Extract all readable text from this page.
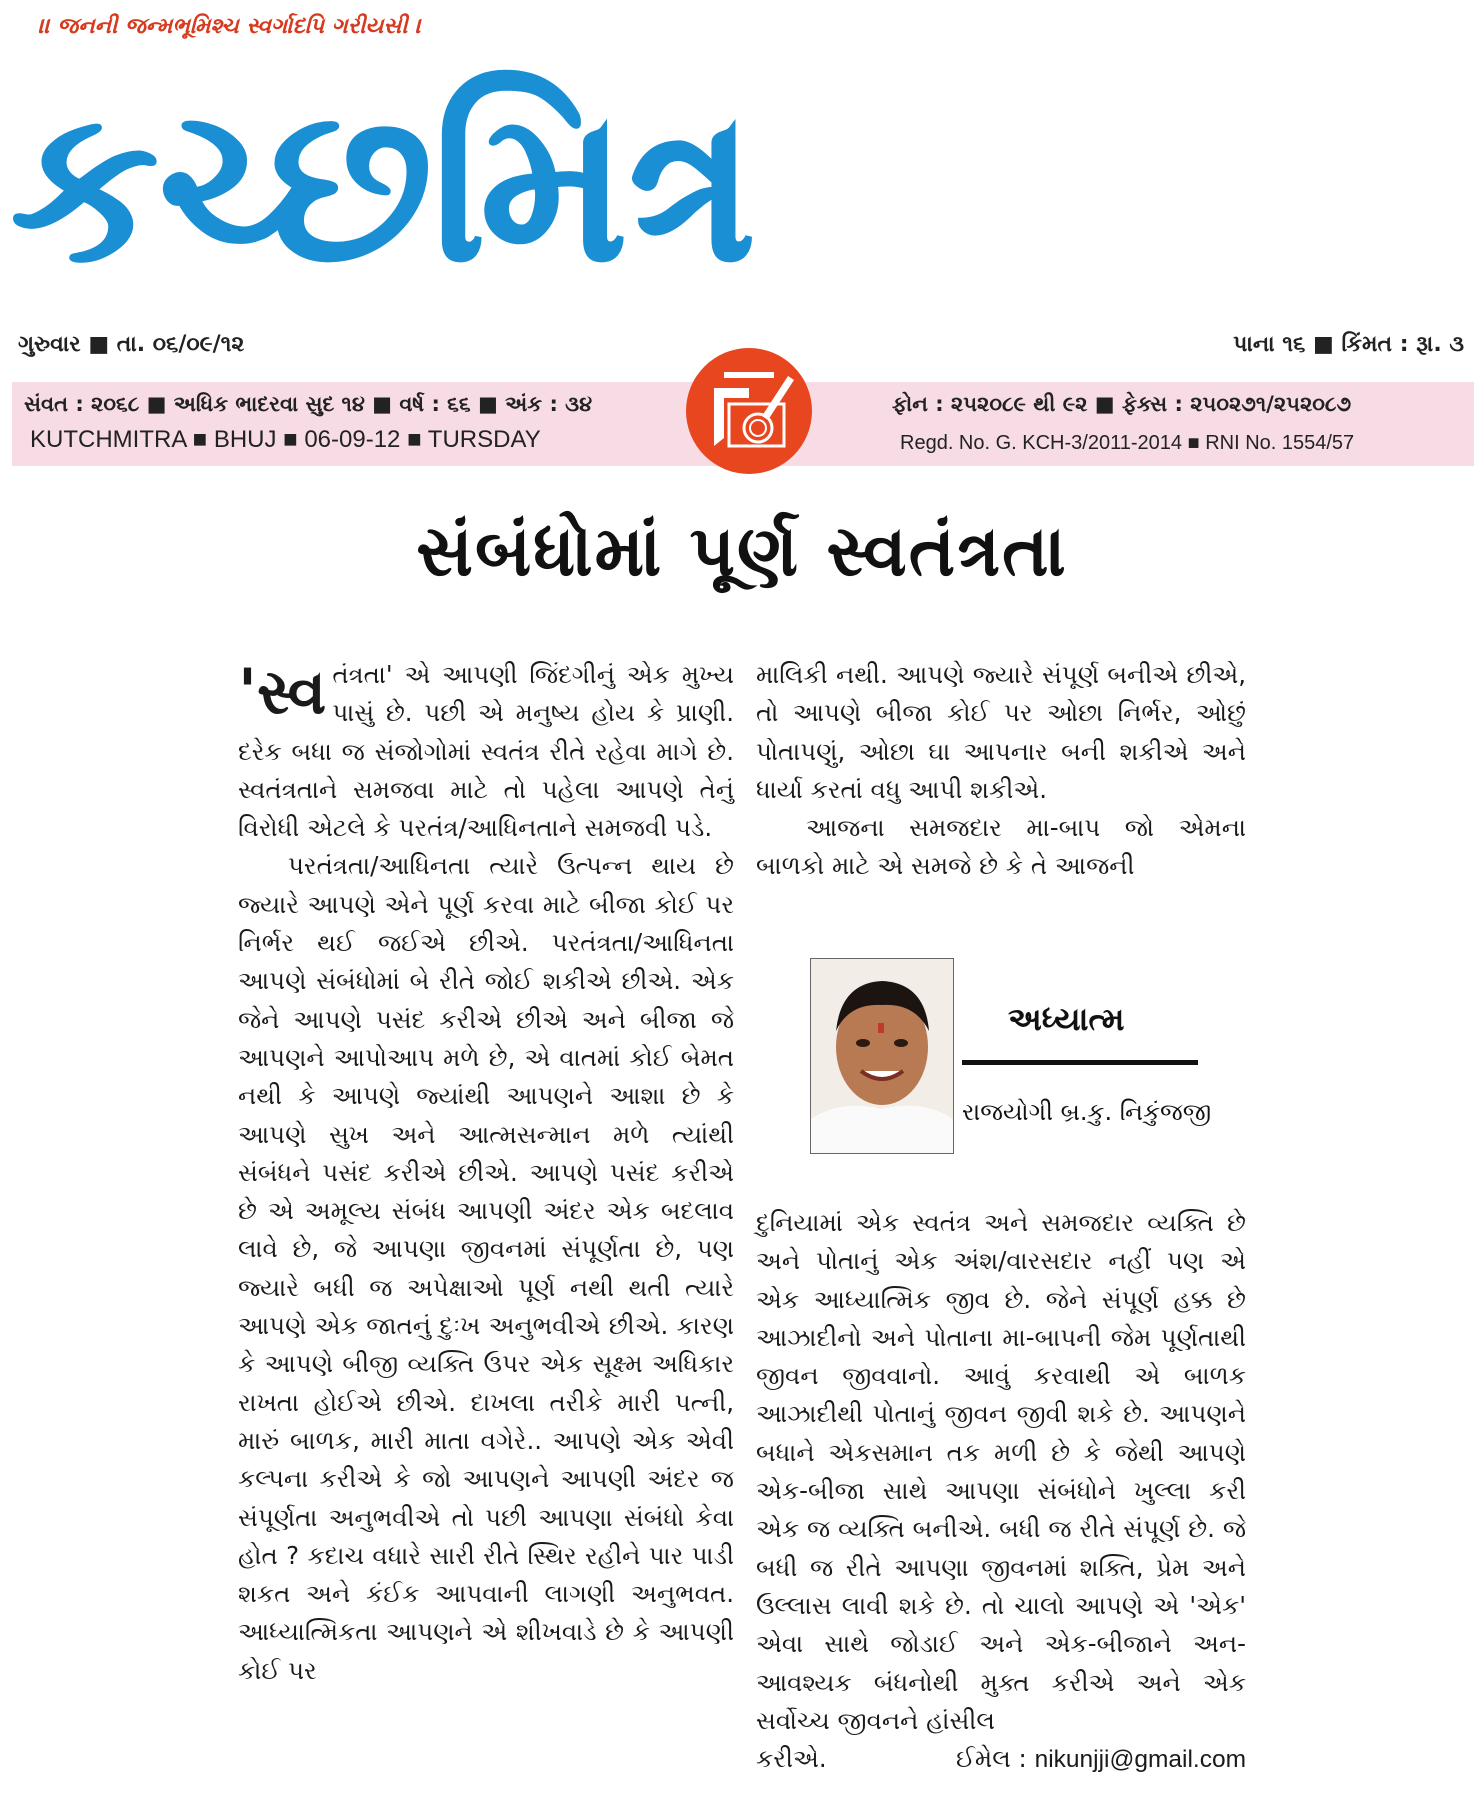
।। જનની જન્મભૂમિશ્ચ સ્વર્ગાદપિ ગરીયસી ।
કચ્છમિત્ર
ગુરુવાર ■ તા. ૦૬/૦૯/૧૨	પાના ૧૬ ■ કિંમત : રૂા. ૩
સંવત : ૨૦૬૮ ■ અધિક ભાદરવા સુદ ૧૪ ■ વર્ષ : ૬૬ ■ અંક : ૩૪
KUTCHMITRA ■ BHUJ ■ 06-09-12 ■ TURSDAY
ફોન : ૨૫૨૦૮૯ થી ૯૨ ■ ફેક્સ : ૨૫૦૨૭૧/૨૫૨૦૮૭
Regd. No. G. KCH-3/2011-2014 ■ RNI No. 1554/57
સંબંધોમાં પૂર્ણ સ્વતંત્રતા

'સ્વ તંત્રતા' એ આપણી જિંદગીનું એક મુખ્ય પાસું છે. પછી એ મનુષ્ય હોય કે પ્રાણી. દરેક બધા જ સંજોગોમાં સ્વતંત્ર રીતે રહેવા માગે છે. સ્વતંત્રતાને સમજવા માટે તો પહેલા આપણે તેનું વિરોધી એટલે કે પરતંત્ર/આધિનતાને સમજવી પડે.

પરતંત્રતા/આધિનતા ત્યારે ઉત્પન્ન થાય છે જ્યારે આપણે એને પૂર્ણ કરવા માટે બીજા કોઈ પર નિર્ભર થઈ જઈએ છીએ. પરતંત્રતા/આધિનતા આપણે સંબંધોમાં બે રીતે જોઈ શકીએ છીએ. એક જેને આપણે પસંદ કરીએ છીએ અને બીજા જે આપણને આપોઆપ મળે છે, એ વાતમાં કોઈ બેમત નથી કે આપણે જ્યાંથી આપણને આશા છે કે આપણે સુખ અને આત્મસન્માન મળે ત્યાંથી સંબંધને પસંદ કરીએ છીએ. આપણે પસંદ કરીએ છે એ અમૂલ્ય સંબંધ આપણી અંદર એક બદલાવ લાવે છે, જે આપણા જીવનમાં સંપૂર્ણતા છે, પણ જ્યારે બધી જ અપેક્ષાઓ પૂર્ણ નથી થતી ત્યારે આપણે એક જાતનું દુઃખ અનુભવીએ છીએ. કારણ કે આપણે બીજી વ્યક્તિ ઉપર એક સૂક્ષ્મ અધિકાર રાખતા હોઈએ છીએ. દાખલા તરીકે મારી પત્ની, મારું બાળક, મારી માતા વગેરે.. આપણે એક એવી કલ્પના કરીએ કે જો આપણને આપણી અંદર જ સંપૂર્ણતા અનુભવીએ તો પછી આપણા સંબંધો કેવા હોત ? કદાચ વધારે સારી રીતે સ્થિર રહીને પાર પાડી શકત અને કંઈક આપવાની લાગણી અનુભવત. આધ્યાત્મિકતા આપણને એ શીખવાડે છે કે આપણી કોઈ પર

માલિકી નથી. આપણે જ્યારે સંપૂર્ણ બનીએ છીએ, તો આપણે બીજા કોઈ પર ઓછા નિર્ભર, ઓછું પોતાપણું, ઓછા ઘા આપનાર બની શકીએ અને ધાર્યા કરતાં વધુ આપી શકીએ.

આજના સમજદાર મા-બાપ જો એમના બાળકો માટે એ સમજે છે કે તે આજની

અધ્યાત્મ
રાજયોગી બ્ર.કુ. નિકુંજજી

દુનિયામાં એક સ્વતંત્ર અને સમજદાર વ્યક્તિ છે અને પોતાનું એક અંશ/વારસદાર નહીં પણ એ એક આધ્યાત્મિક જીવ છે. જેને સંપૂર્ણ હક્ક છે આઝાદીનો અને પોતાના મા-બાપની જેમ પૂર્ણતાથી જીવન જીવવાનો. આવું કરવાથી એ બાળક આઝાદીથી પોતાનું જીવન જીવી શકે છે. આપણને બધાને એકસમાન તક મળી છે કે જેથી આપણે એક-બીજા સાથે આપણા સંબંધોને ખુલ્લા કરી એક જ વ્યક્તિ બનીએ. બધી જ રીતે સંપૂર્ણ છે. જે બધી જ રીતે આપણા જીવનમાં શક્તિ, પ્રેમ અને ઉલ્લાસ લાવી શકે છે. તો ચાલો આપણે એ 'એક' એવા સાથે જોડાઈ અને એક-બીજાને અન-આવશ્યક બંધનોથી મુક્ત કરીએ અને એક સર્વોચ્ચ જીવનને હાંસીલ

કરીએ.	ઈમેલ : nikunjji@gmail.com
